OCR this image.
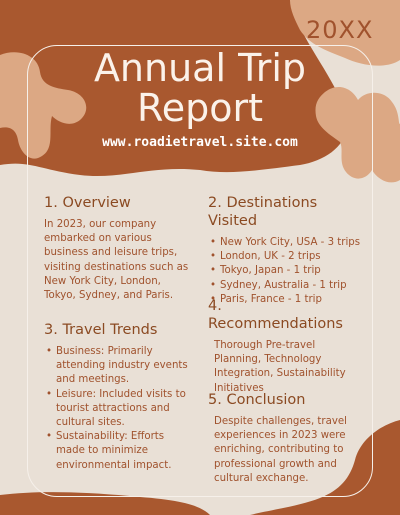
20XX
Annual Trip
Report
www.roadietravel.site.com
1. Overview

In 2023, our company embarked on various business and leisure trips, visiting destinations such as New York City, London, Tokyo, Sydney, and Paris.

3. Travel Trends
• Business: Primarily attending industry events and meetings.
• Leisure: Included visits to tourist attractions and cultural sites.
• Sustainability: Efforts made to minimize environmental impact.
2. Destinations Visited
• New York City, USA - 3 trips
• London, UK - 2 trips
• Tokyo, Japan - 1 trip
• Sydney, Australia - 1 trip
• Paris, France - 1 trip
4. Recommendations

Thorough Pre-travel Planning, Technology Integration, Sustainability Initiatives

5. Conclusion

Despite challenges, travel experiences in 2023 were enriching, contributing to professional growth and cultural exchange.
